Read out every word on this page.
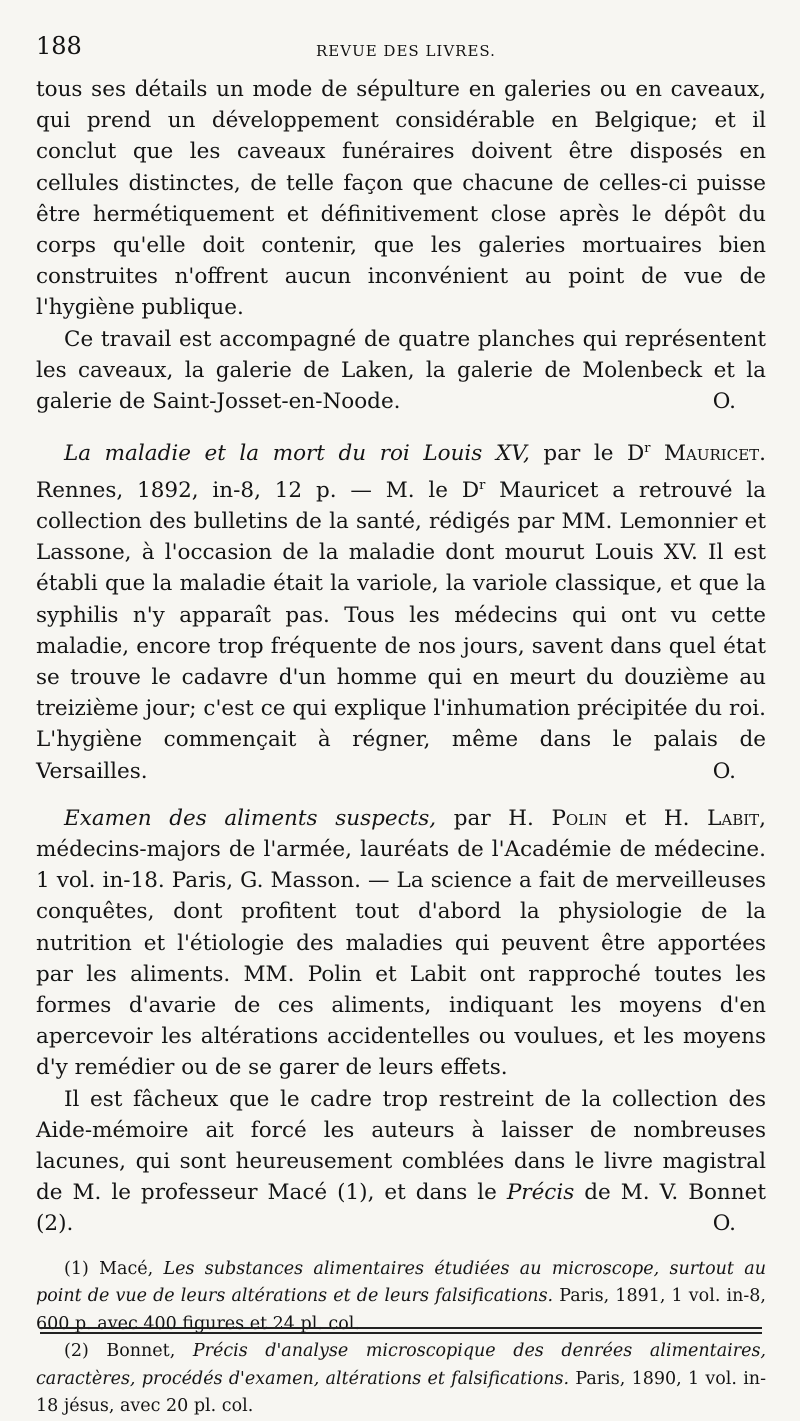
188	REVUE DES LIVRES.

tous ses détails un mode de sépulture en galeries ou en caveaux, qui prend un développement considérable en Belgique; et il conclut que les caveaux funéraires doivent être disposés en cellules distinctes, de telle façon que chacune de celles-ci puisse être hermétiquement et définitivement close après le dépôt du corps qu'elle doit contenir, que les galeries mortuaires bien construites n'offrent aucun inconvénient au point de vue de l'hygiène publique.

Ce travail est accompagné de quatre planches qui représentent les caveaux, la galerie de Laken, la galerie de Molenbeck et la galerie de Saint-Josset-en-Noode.	O.

La maladie et la mort du roi Louis XV, par le $D^r$ Mauricet. Rennes, 1892, in-8, 12 p. — M. le $D^r$ Mauricet a retrouvé la collection des bulletins de la santé, rédigés par MM. Lemonnier et Lassone, à l'occasion de la maladie dont mourut Louis XV. Il est établi que la maladie était la variole, la variole classique, et que la syphilis n'y apparaît pas. Tous les médecins qui ont vu cette maladie, encore trop fréquente de nos jours, savent dans quel état se trouve le cadavre d'un homme qui en meurt du douzième au treizième jour; c'est ce qui explique l'inhumation précipitée du roi. L'hygiène commençait à régner, même dans le palais de Versailles.	O.

Examen des aliments suspects, par H. Polin et H. Labit, médecins-majors de l'armée, lauréats de l'Académie de médecine. 1 vol. in-18. Paris, G. Masson. — La science a fait de merveilleuses conquêtes, dont profitent tout d'abord la physiologie de la nutrition et l'étiologie des maladies qui peuvent être apportées par les aliments. MM. Polin et Labit ont rapproché toutes les formes d'avarie de ces aliments, indiquant les moyens d'en apercevoir les altérations accidentelles ou voulues, et les moyens d'y remédier ou de se garer de leurs effets.

Il est fâcheux que le cadre trop restreint de la collection des Aide-mémoire ait forcé les auteurs à laisser de nombreuses lacunes, qui sont heureusement comblées dans le livre magistral de M. le professeur Macé (1), et dans le Précis de M. V. Bonnet (2).	O.

(1) Macé, Les substances alimentaires étudiées au microscope, surtout au point de vue de leurs altérations et de leurs falsifications. Paris, 1891, 1 vol. in-8, 600 p. avec 400 figures et 24 pl. col.

(2) Bonnet, Précis d'analyse microscopique des denrées alimentaires, caractères, procédés d'examen, altérations et falsifications. Paris, 1890, 1 vol. in-18 jésus, avec 20 pl. col.
